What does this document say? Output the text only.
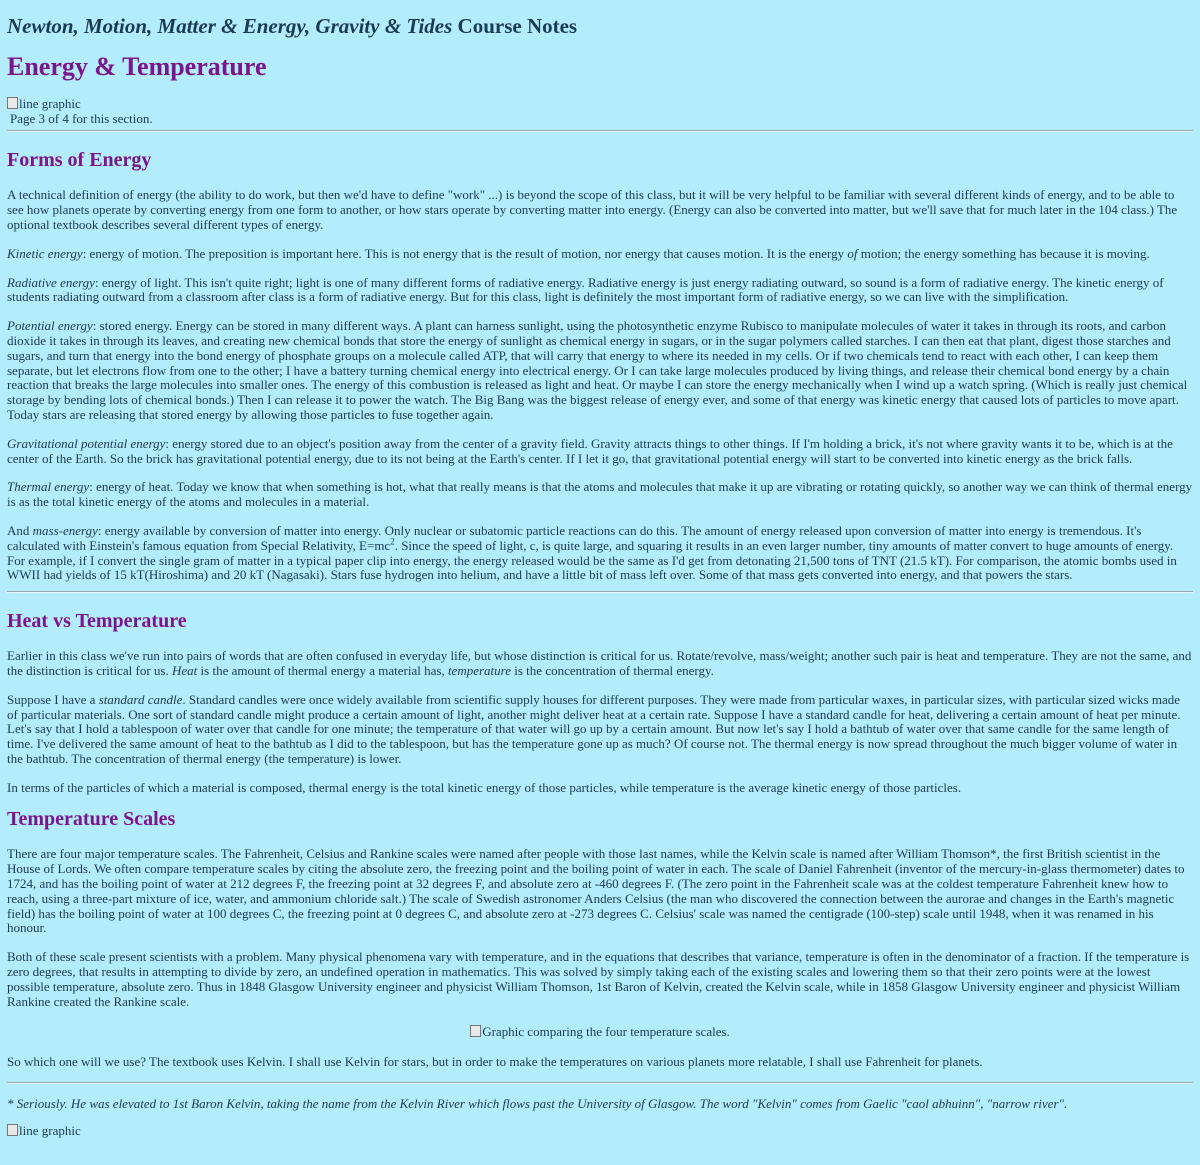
Newton, Motion, Matter & Energy, Gravity & Tides Course Notes
Energy & Temperature
line graphic
Page 3 of 4 for this section.
Forms of Energy

A technical definition of energy (the ability to do work, but then we'd have to define "work" ...) is beyond the scope of this class, but it will be very helpful to be familiar with several different kinds of energy, and to be able to see how planets operate by converting energy from one form to another, or how stars operate by converting matter into energy. (Energy can also be converted into matter, but we'll save that for much later in the 104 class.) The optional textbook describes several different types of energy.

Kinetic energy: energy of motion. The preposition is important here. This is not energy that is the result of motion, nor energy that causes motion. It is the energy of motion; the energy something has because it is moving.

Radiative energy: energy of light. This isn't quite right; light is one of many different forms of radiative energy. Radiative energy is just energy radiating outward, so sound is a form of radiative energy. The kinetic energy of students radiating outward from a classroom after class is a form of radiative energy. But for this class, light is definitely the most important form of radiative energy, so we can live with the simplification.

Potential energy: stored energy. Energy can be stored in many different ways. A plant can harness sunlight, using the photosynthetic enzyme Rubisco to manipulate molecules of water it takes in through its roots, and carbon dioxide it takes in through its leaves, and creating new chemical bonds that store the energy of sunlight as chemical energy in sugars, or in the sugar polymers called starches. I can then eat that plant, digest those starches and sugars, and turn that energy into the bond energy of phosphate groups on a molecule called ATP, that will carry that energy to where its needed in my cells. Or if two chemicals tend to react with each other, I can keep them separate, but let electrons flow from one to the other; I have a battery turning chemical energy into electrical energy. Or I can take large molecules produced by living things, and release their chemical bond energy by a chain reaction that breaks the large molecules into smaller ones. The energy of this combustion is released as light and heat. Or maybe I can store the energy mechanically when I wind up a watch spring. (Which is really just chemical storage by bending lots of chemical bonds.) Then I can release it to power the watch. The Big Bang was the biggest release of energy ever, and some of that energy was kinetic energy that caused lots of particles to move apart. Today stars are releasing that stored energy by allowing those particles to fuse together again.

Gravitational potential energy: energy stored due to an object's position away from the center of a gravity field. Gravity attracts things to other things. If I'm holding a brick, it's not where gravity wants it to be, which is at the center of the Earth. So the brick has gravitational potential energy, due to its not being at the Earth's center. If I let it go, that gravitational potential energy will start to be converted into kinetic energy as the brick falls.

Thermal energy: energy of heat. Today we know that when something is hot, what that really means is that the atoms and molecules that make it up are vibrating or rotating quickly, so another way we can think of thermal energy is as the total kinetic energy of the atoms and molecules in a material.

And mass-energy: energy available by conversion of matter into energy. Only nuclear or subatomic particle reactions can do this. The amount of energy released upon conversion of matter into energy is tremendous. It's calculated with Einstein's famous equation from Special Relativity, $E=mc^2$. Since the speed of light, c, is quite large, and squaring it results in an even larger number, tiny amounts of matter convert to huge amounts of energy. For example, if I convert the single gram of matter in a typical paper clip into energy, the energy released would be the same as I'd get from detonating 21,500 tons of TNT (21.5 kT). For comparison, the atomic bombs used in WWII had yields of 15 kT(Hiroshima) and 20 kT (Nagasaki). Stars fuse hydrogen into helium, and have a little bit of mass left over. Some of that mass gets converted into energy, and that powers the stars.

Heat vs Temperature

Earlier in this class we've run into pairs of words that are often confused in everyday life, but whose distinction is critical for us. Rotate/revolve, mass/weight; another such pair is heat and temperature. They are not the same, and the distinction is critical for us. Heat is the amount of thermal energy a material has, temperature is the concentration of thermal energy.

Suppose I have a standard candle. Standard candles were once widely available from scientific supply houses for different purposes. They were made from particular waxes, in particular sizes, with particular sized wicks made of particular materials. One sort of standard candle might produce a certain amount of light, another might deliver heat at a certain rate. Suppose I have a standard candle for heat, delivering a certain amount of heat per minute. Let's say that I hold a tablespoon of water over that candle for one minute; the temperature of that water will go up by a certain amount. But now let's say I hold a bathtub of water over that same candle for the same length of time. I've delivered the same amount of heat to the bathtub as I did to the tablespoon, but has the temperature gone up as much? Of course not. The thermal energy is now spread throughout the much bigger volume of water in the bathtub. The concentration of thermal energy (the temperature) is lower.

In terms of the particles of which a material is composed, thermal energy is the total kinetic energy of those particles, while temperature is the average kinetic energy of those particles.

Temperature Scales

There are four major temperature scales. The Fahrenheit, Celsius and Rankine scales were named after people with those last names, while the Kelvin scale is named after William Thomson*, the first British scientist in the House of Lords. We often compare temperature scales by citing the absolute zero, the freezing point and the boiling point of water in each. The scale of Daniel Fahrenheit (inventor of the mercury-in-glass thermometer) dates to 1724, and has the boiling point of water at 212 degrees F, the freezing point at 32 degrees F, and absolute zero at -460 degrees F. (The zero point in the Fahrenheit scale was at the coldest temperature Fahrenheit knew how to reach, using a three-part mixture of ice, water, and ammonium chloride salt.) The scale of Swedish astronomer Anders Celsius (the man who discovered the connection between the aurorae and changes in the Earth's magnetic field) has the boiling point of water at 100 degrees C, the freezing point at 0 degrees C, and absolute zero at -273 degrees C. Celsius' scale was named the centigrade (100-step) scale until 1948, when it was renamed in his honour.

Both of these scale present scientists with a problem. Many physical phenomena vary with temperature, and in the equations that describes that variance, temperature is often in the denominator of a fraction. If the temperature is zero degrees, that results in attempting to divide by zero, an undefined operation in mathematics. This was solved by simply taking each of the existing scales and lowering them so that their zero points were at the lowest possible temperature, absolute zero. Thus in 1848 Glasgow University engineer and physicist William Thomson, 1st Baron of Kelvin, created the Kelvin scale, while in 1858 Glasgow University engineer and physicist William Rankine created the Rankine scale.

Graphic comparing the four temperature scales.

So which one will we use? The textbook uses Kelvin. I shall use Kelvin for stars, but in order to make the temperatures on various planets more relatable, I shall use Fahrenheit for planets.

* Seriously. He was elevated to 1st Baron Kelvin, taking the name from the Kelvin River which flows past the University of Glasgow. The word "Kelvin" comes from Gaelic "caol abhuinn", "narrow river".
line graphic
